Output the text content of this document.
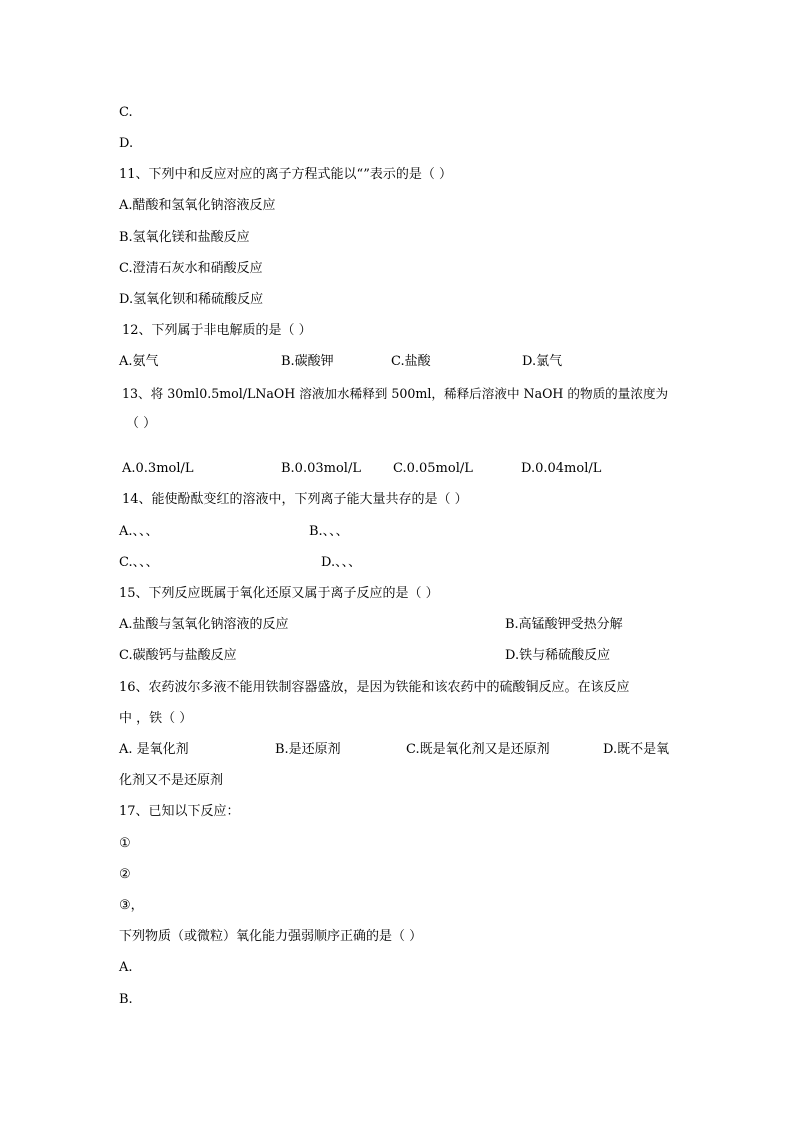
C.
D.
11、下列中和反应对应的离子方程式能以“”表示的是（ ）
A.醋酸和氢氧化钠溶液反应
B.氢氧化镁和盐酸反应
C.澄清石灰水和硝酸反应
D.氢氧化钡和稀硫酸反应
12、下列属于非电解质的是（ ）
A.氨气	B.碳酸钾	C.盐酸	D.氯气
13、将 30ml0.5mol/LNaOH 溶液加水稀释到 500ml，稀释后溶液中 NaOH 的物质的量浓度为
（ ）
A.0.3mol/L	B.0.03mol/L C.0.05mol/L	D.0.04mol/L
14、能使酚酞变红的溶液中，下列离子能大量共存的是（ ）
A.、、、	B.、、、
C.、、、	D.、、、
15、下列反应既属于氧化还原又属于离子反应的是（ ）
A.盐酸与氢氧化钠溶液的反应	B.高锰酸钾受热分解
C.碳酸钙与盐酸反应	D.铁与稀硫酸反应
16、农药波尔多液不能用铁制容器盛放，是因为铁能和该农药中的硫酸铜反应。在该反应
中 ，铁（ ）
A. 是氧化剂	B.是还原剂	C.既是氧化剂又是还原剂	D.既不是氧
化剂又不是还原剂
17、已知以下反应：
①
②
③，
下列物质（或微粒）氧化能力强弱顺序正确的是（ ）
A.
B.
